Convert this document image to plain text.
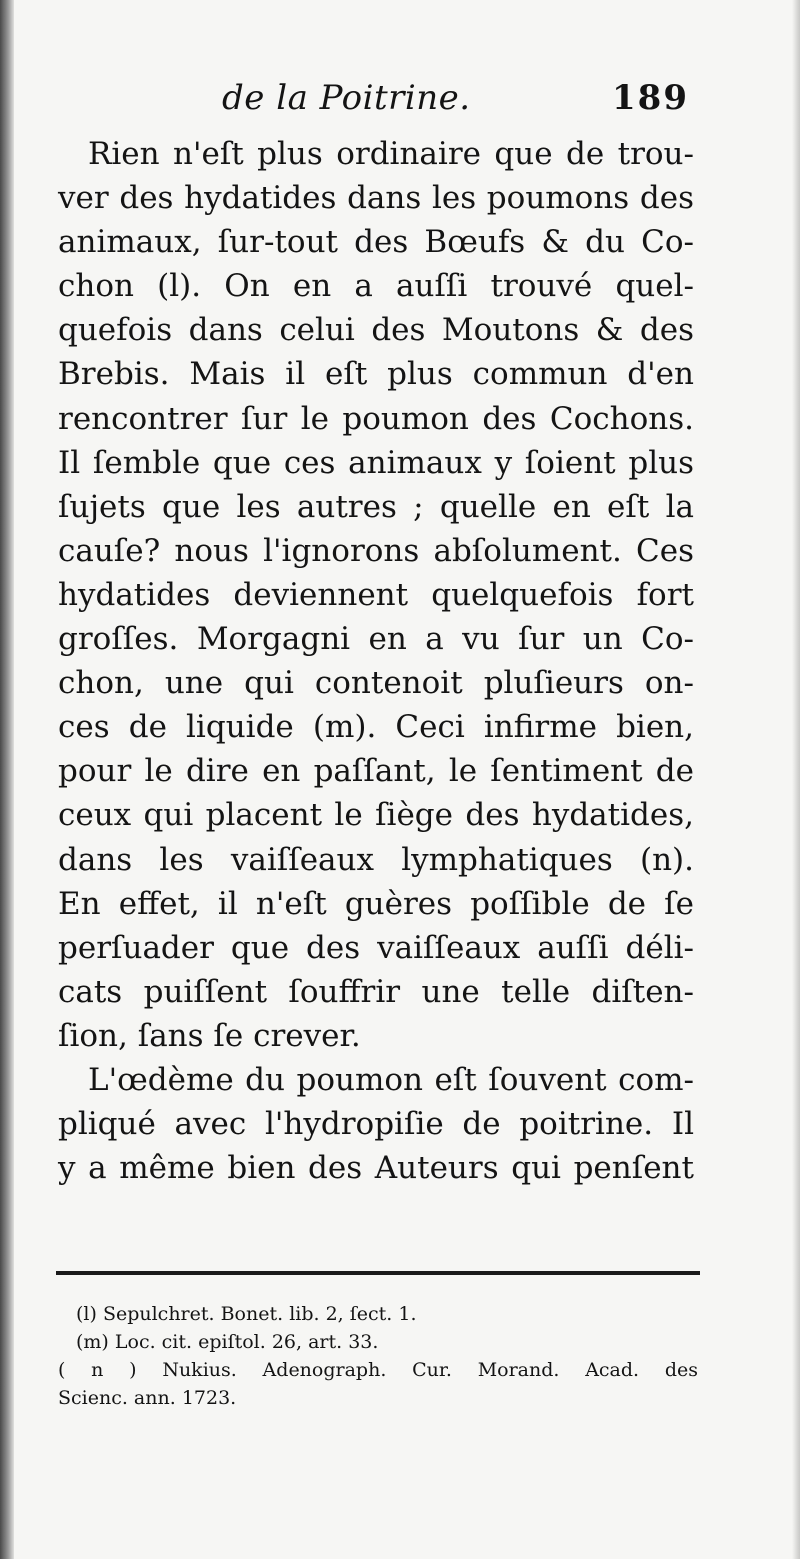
de la Poitrine.	189
Rien n'eſt plus ordinaire que de trou-
ver des hydatides dans les poumons des
animaux, ſur-tout des Bœufs & du Co-
chon (l). On en a auſſi trouvé quel-
quefois dans celui des Moutons & des
Brebis. Mais il eſt plus commun d'en
rencontrer ſur le poumon des Cochons.
Il ſemble que ces animaux y ſoient plus
ſujets que les autres ; quelle en eſt la
cauſe? nous l'ignorons abſolument. Ces
hydatides deviennent quelquefois fort
groſſes. Morgagni en a vu ſur un Co-
chon, une qui contenoit pluſieurs on-
ces de liquide (m). Ceci infirme bien,
pour le dire en paſſant, le ſentiment de
ceux qui placent le ſiège des hydatides,
dans les vaiſſeaux lymphatiques (n).
En effet, il n'eſt guères poſſible de ſe
perſuader que des vaiſſeaux auſſi déli-
cats puiſſent ſouffrir une telle diſten-
ſion, ſans ſe crever.
L'œdème du poumon eſt ſouvent com-
pliqué avec l'hydropiſie de poitrine. Il
y a même bien des Auteurs qui penſent
(l) Sepulchret. Bonet. lib. 2, ſect. 1.
(m) Loc. cit. epiſtol. 26, art. 33.
( n ) Nukius. Adenograph. Cur. Morand. Acad. des
Scienc. ann. 1723.
